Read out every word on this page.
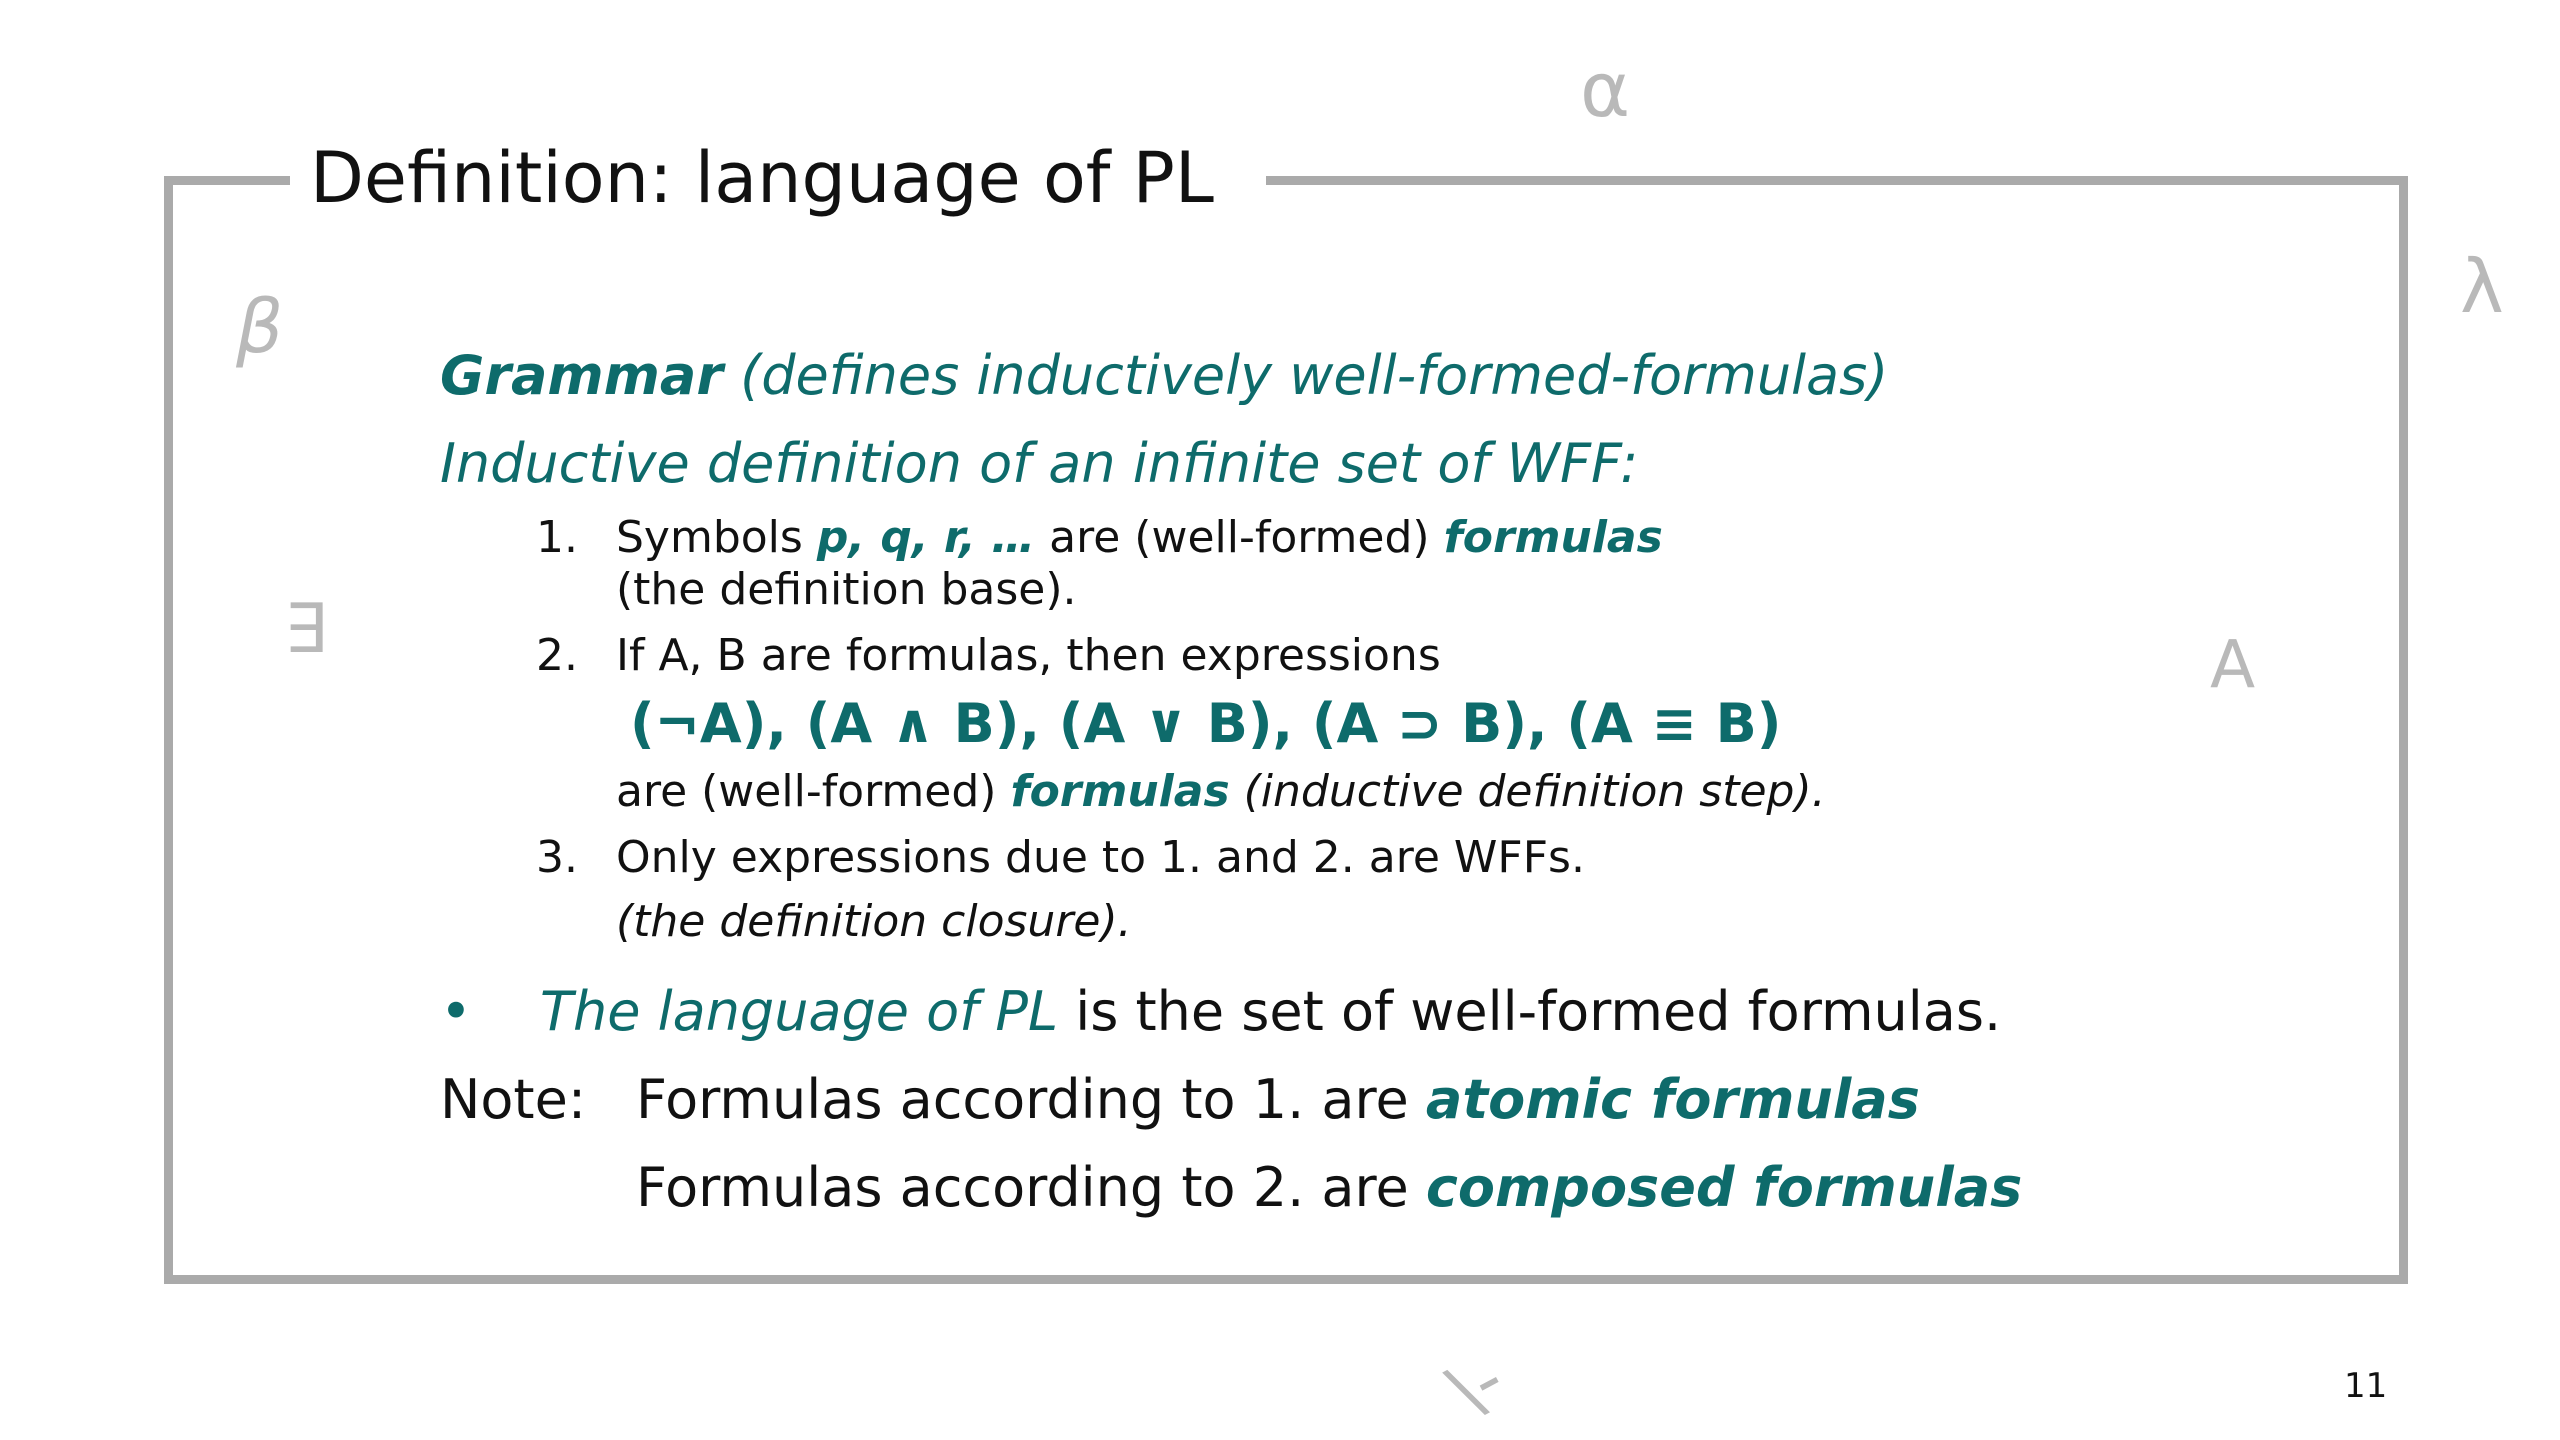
Definition: language of PL
α
β	λ
∃	∀
\-
Grammar (defines inductively well-formed-formulas)
Inductive definition of an infinite set of WFF:
1. Symbols p, q, r, … are (well-formed) formulas
(the definition base).
2. If A, B are formulas, then expressions
(¬A), (A ∧ B), (A ∨ B), (A ⊃ B), (A ≡ B)
are (well-formed) formulas (inductive definition step).
3. Only expressions due to 1. and 2. are WFFs.
(the definition closure).
• The language of PL is the set of well-formed formulas.
Note: Formulas according to 1. are atomic formulas
Formulas according to 2. are composed formulas
11
